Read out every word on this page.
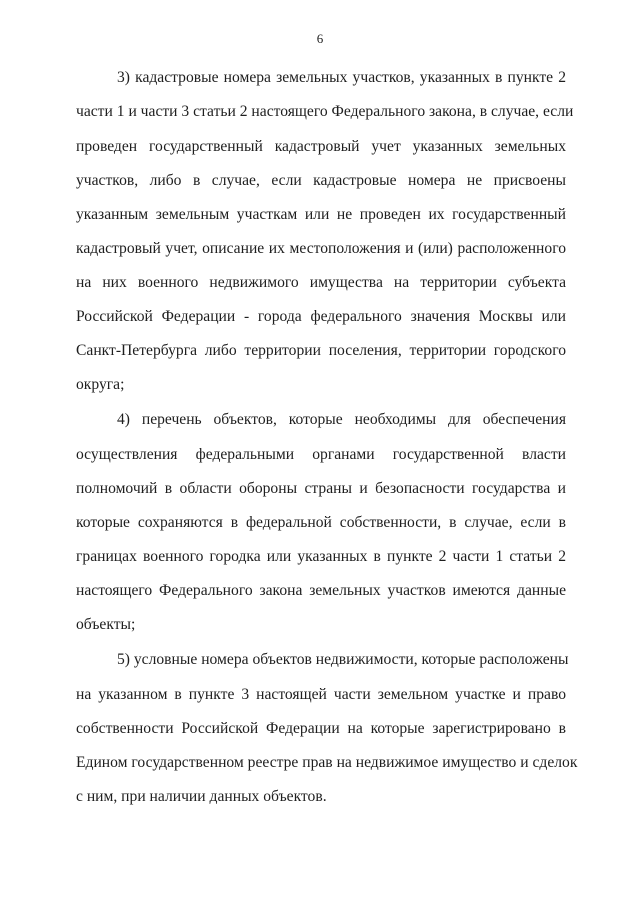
6
3) кадастровые номера земельных участков, указанных в пункте 2
части 1 и части 3 статьи 2 настоящего Федерального закона, в случае, если
проведен государственный кадастровый учет указанных земельных
участков, либо в случае, если кадастровые номера не присвоены
указанным земельным участкам или не проведен их государственный
кадастровый учет, описание их местоположения и (или) расположенного
на них военного недвижимого имущества на территории субъекта
Российской Федерации - города федерального значения Москвы или
Санкт-Петербурга либо территории поселения, территории городского
округа;
4) перечень объектов, которые необходимы для обеспечения
осуществления федеральными органами государственной власти
полномочий в области обороны страны и безопасности государства и
которые сохраняются в федеральной собственности, в случае, если в
границах военного городка или указанных в пункте 2 части 1 статьи 2
настоящего Федерального закона земельных участков имеются данные
объекты;
5) условные номера объектов недвижимости, которые расположены
на указанном в пункте 3 настоящей части земельном участке и право
собственности Российской Федерации на которые зарегистрировано в
Едином государственном реестре прав на недвижимое имущество и сделок
с ним, при наличии данных объектов.
